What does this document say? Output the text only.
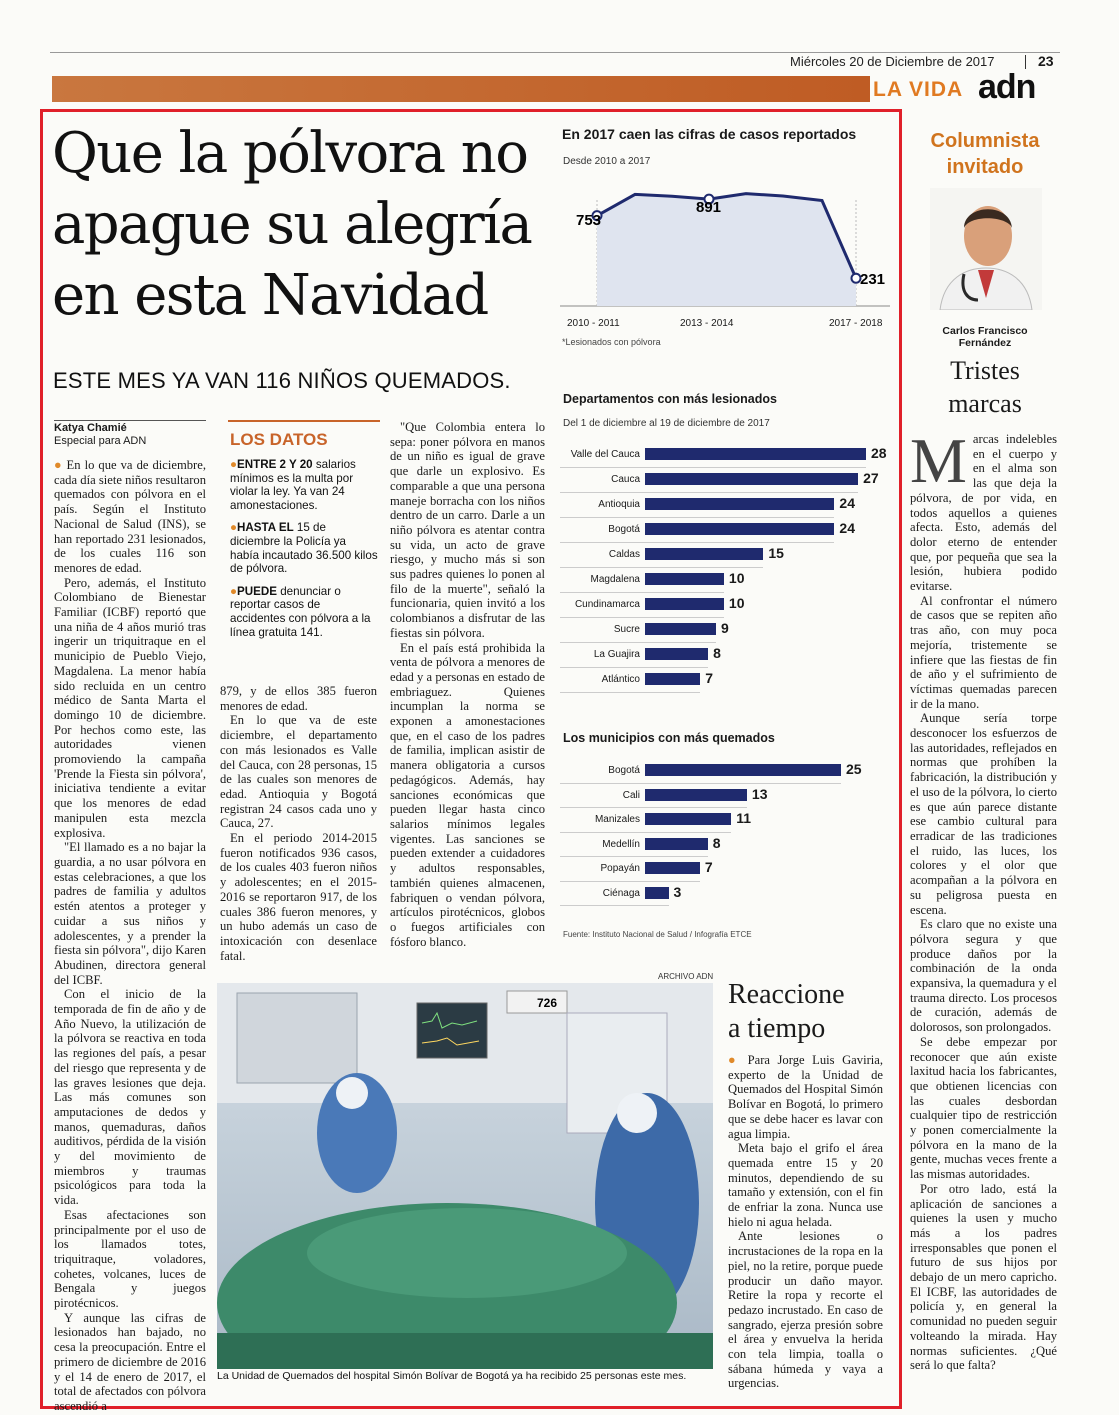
Miércoles 20 de Diciembre de 2017	23
LA VIDA adn
Que la pólvora no
apague su alegría
en esta Navidad
ESTE MES YA VAN 116 NIÑOS QUEMADOS.
Katya Chamié
Especial para ADN

● En lo que va de diciembre, cada día siete niños resultaron quemados con pólvora en el país. Según el Instituto Nacional de Salud (INS), se han reportado 231 lesionados, de los cuales 116 son menores de edad.

Pero, además, el Instituto Colombiano de Bienestar Familiar (ICBF) reportó que una niña de 4 años murió tras ingerir un triquitraque en el municipio de Pueblo Viejo, Magdalena. La menor había sido recluida en un centro médico de Santa Marta el domingo 10 de diciembre. Por hechos como este, las autoridades vienen promoviendo la campaña 'Prende la Fiesta sin pólvora', iniciativa tendiente a evitar que los menores de edad manipulen esta mezcla explosiva.

"El llamado es a no bajar la guardia, a no usar pólvora en estas celebraciones, a que los padres de familia y adultos estén atentos a proteger y cuidar a sus niños y adolescentes, y a prender la fiesta sin pólvora", dijo Karen Abudinen, directora general del ICBF.

Con el inicio de la temporada de fin de año y de Año Nuevo, la utilización de la pólvora se reactiva en toda las regiones del país, a pesar del riesgo que representa y de las graves lesiones que deja. Las más comunes son amputaciones de dedos y manos, quemaduras, daños auditivos, pérdida de la visión y del movimiento de miembros y traumas psicológicos para toda la vida.

Esas afectaciones son principalmente por el uso de los llamados totes, triquitraque, voladores, cohetes, volcanes, luces de Bengala y juegos pirotécnicos.

Y aunque las cifras de lesionados han bajado, no cesa la preocupación. Entre el primero de diciembre de 2016 y el 14 de enero de 2017, el total de afectados con pólvora ascendió a

LOS DATOS
●ENTRE 2 Y 20 salarios mínimos es la multa por violar la ley. Ya van 24 amonestaciones.
●HASTA EL 15 de diciembre la Policía ya había incautado 36.500 kilos de pólvora.
●PUEDE denunciar o reportar casos de accidentes con pólvora a la línea gratuita 141.

879, y de ellos 385 fueron menores de edad.

En lo que va de este diciembre, el departamento con más lesionados es Valle del Cauca, con 28 personas, 15 de las cuales son menores de edad. Antioquia y Bogotá registran 24 casos cada uno y Cauca, 27.

En el periodo 2014-2015 fueron notificados 936 casos, de los cuales 403 fueron niños y adolescentes; en el 2015-2016 se reportaron 917, de los cuales 386 fueron menores, y un hubo además un caso de intoxicación con desenlace fatal.

"Que Colombia entera lo sepa: poner pólvora en manos de un niño es igual de grave que darle un explosivo. Es comparable a que una persona maneje borracha con los niños dentro de un carro. Darle a un niño pólvora es atentar contra su vida, un acto de grave riesgo, y mucho más si son sus padres quienes lo ponen al filo de la muerte", señaló la funcionaria, quien invitó a los colombianos a disfrutar de las fiestas sin pólvora.

En el país está prohibida la venta de pólvora a menores de edad y a personas en estado de embriaguez. Quienes incumplan la norma se exponen a amonestaciones que, en el caso de los padres de familia, implican asistir de manera obligatoria a cursos pedagógicos. Además, hay sanciones económicas que pueden llegar hasta cinco salarios mínimos legales vigentes. Las sanciones se pueden extender a cuidadores y adultos responsables, también quienes almacenen, fabriquen o vendan pólvora, artículos pirotécnicos, globos o fuegos artificiales con fósforo blanco.

En 2017 caen las cifras de casos reportados
Desde 2010 a 2017
753
891
231
2010 - 2011	2013 - 2014	2017 - 2018
*Lesionados con pólvora
Departamentos con más lesionados
Del 1 de diciembre al 19 de diciembre de 2017
Valle del Cauca	28
Cauca	27
Antioquia	24
Bogotá	24
Caldas	15
Magdalena	10
Cundinamarca	10
Sucre	9
La Guajira	8
Atlántico	7
Los municipios con más quemados
Bogotá	25
Cali	13
Manizales	11
Medellín	8
Popayán	7
Ciénaga 3
Fuente: Instituto Nacional de Salud / Infografía ETCE
ARCHIVO ADN
726
La Unidad de Quemados del hospital Simón Bolívar de Bogotá ya ha recibido 25 personas este mes.
Reaccione
a tiempo

● Para Jorge Luis Gaviria, experto de la Unidad de Quemados del Hospital Simón Bolívar en Bogotá, lo primero que se debe hacer es lavar con agua limpia.

Meta bajo el grifo el área quemada entre 15 y 20 minutos, dependiendo de su tamaño y extensión, con el fin de enfriar la zona. Nunca use hielo ni agua helada.

Ante lesiones o incrustaciones de la ropa en la piel, no la retire, porque puede producir un daño mayor. Retire la ropa y recorte el pedazo incrustado. En caso de sangrado, ejerza presión sobre el área y envuelva la herida con tela limpia, toalla o sábana húmeda y vaya a urgencias.

Columnista
invitado
Carlos Francisco
Fernández
Tristes
marcas

Marcas indelebles en el cuerpo y en el alma son las que deja la pólvora, de por vida, en todos aquellos a quienes afecta. Esto, además del dolor eterno de entender que, por pequeña que sea la lesión, hubiera podido evitarse.

Al confrontar el número de casos que se repiten año tras año, con muy poca mejoría, tristemente se infiere que las fiestas de fin de año y el sufrimiento de víctimas quemadas parecen ir de la mano.

Aunque sería torpe desconocer los esfuerzos de las autoridades, reflejados en normas que prohíben la fabricación, la distribución y el uso de la pólvora, lo cierto es que aún parece distante ese cambio cultural para erradicar de las tradiciones el ruido, las luces, los colores y el olor que acompañan a la pólvora en su peligrosa puesta en escena.

Es claro que no existe una pólvora segura y que produce daños por la combinación de la onda expansiva, la quemadura y el trauma directo. Los procesos de curación, además de dolorosos, son prolongados.

Se debe empezar por reconocer que aún existe laxitud hacia los fabricantes, que obtienen licencias con las cuales desbordan cualquier tipo de restricción y ponen comercialmente la pólvora en la mano de la gente, muchas veces frente a las mismas autoridades.

Por otro lado, está la aplicación de sanciones a quienes la usen y mucho más a los padres irresponsables que ponen el futuro de sus hijos por debajo de un mero capricho. El ICBF, las autoridades de policía y, en general la comunidad no pueden seguir volteando la mirada. Hay normas suficientes. ¿Qué será lo que falta?
